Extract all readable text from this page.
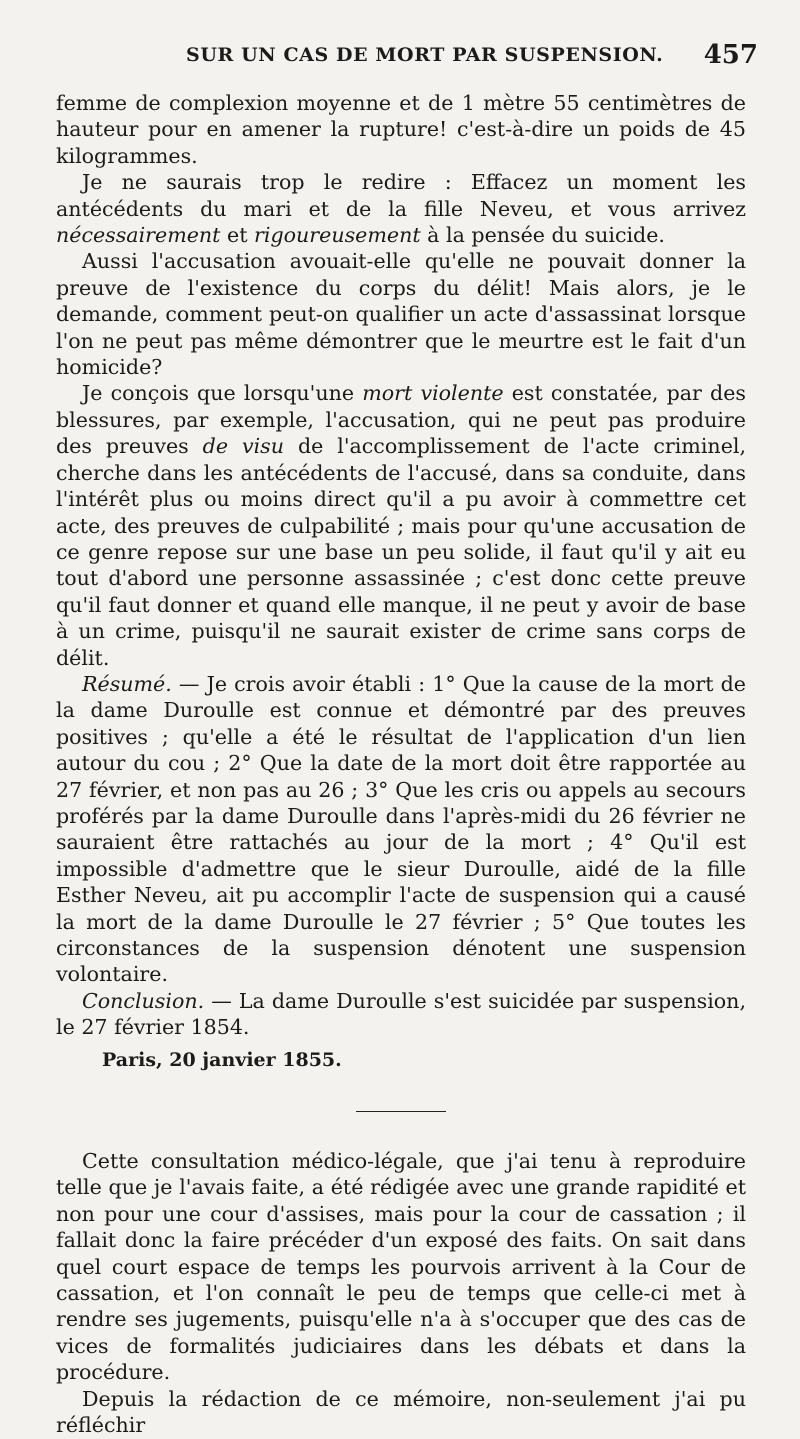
SUR UN CAS DE MORT PAR SUSPENSION. 457

femme de complexion moyenne et de 1 mètre 55 centimètres de hauteur pour en amener la rupture! c'est-à-dire un poids de 45 kilogrammes.

Je ne saurais trop le redire : Effacez un moment les antécédents du mari et de la fille Neveu, et vous arrivez nécessairement et rigoureusement à la pensée du suicide.

Aussi l'accusation avouait-elle qu'elle ne pouvait donner la preuve de l'existence du corps du délit! Mais alors, je le demande, comment peut-on qualifier un acte d'assassinat lorsque l'on ne peut pas même démontrer que le meurtre est le fait d'un homicide?

Je conçois que lorsqu'une mort violente est constatée, par des blessures, par exemple, l'accusation, qui ne peut pas produire des preuves de visu de l'accomplissement de l'acte criminel, cherche dans les antécédents de l'accusé, dans sa conduite, dans l'intérêt plus ou moins direct qu'il a pu avoir à commettre cet acte, des preuves de culpabilité ; mais pour qu'une accusation de ce genre repose sur une base un peu solide, il faut qu'il y ait eu tout d'abord une personne assassinée ; c'est donc cette preuve qu'il faut donner et quand elle manque, il ne peut y avoir de base à un crime, puisqu'il ne saurait exister de crime sans corps de délit.

Résumé. — Je crois avoir établi : 1° Que la cause de la mort de la dame Duroulle est connue et démontré par des preuves positives ; qu'elle a été le résultat de l'application d'un lien autour du cou ; 2° Que la date de la mort doit être rapportée au 27 février, et non pas au 26 ; 3° Que les cris ou appels au secours proférés par la dame Duroulle dans l'après-midi du 26 février ne sauraient être rattachés au jour de la mort ; 4° Qu'il est impossible d'admettre que le sieur Duroulle, aidé de la fille Esther Neveu, ait pu accomplir l'acte de suspension qui a causé la mort de la dame Duroulle le 27 février ; 5° Que toutes les circonstances de la suspension dénotent une suspension volontaire.

Conclusion. — La dame Duroulle s'est suicidée par suspension, le 27 février 1854.

Paris, 20 janvier 1855.

Cette consultation médico-légale, que j'ai tenu à reproduire telle que je l'avais faite, a été rédigée avec une grande rapidité et non pour une cour d'assises, mais pour la cour de cassation ; il fallait donc la faire précéder d'un exposé des faits. On sait dans quel court espace de temps les pourvois arrivent à la Cour de cassation, et l'on connaît le peu de temps que celle-ci met à rendre ses jugements, puisqu'elle n'a à s'occuper que des cas de vices de formalités judiciaires dans les débats et dans la procédure.

Depuis la rédaction de ce mémoire, non-seulement j'ai pu réfléchir
